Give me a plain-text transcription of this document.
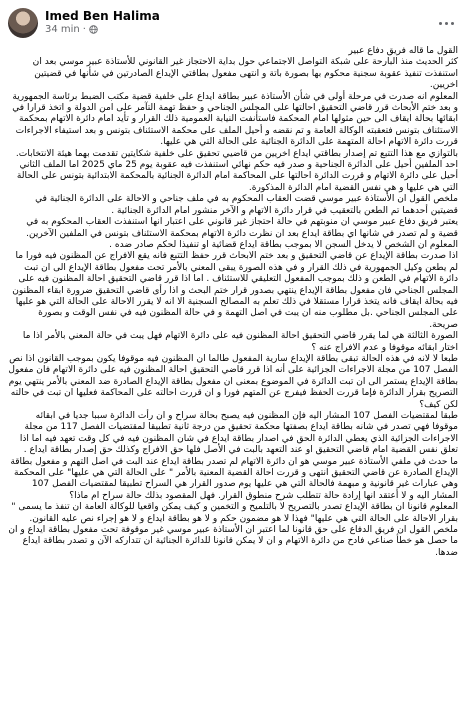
Imed Ben Halima
34 min ·

القول ما قاله فريق دفاع عبير

كثر الحديث منذ البارحة على شبكة التواصل الاجتماعي حول بداية الاحتجاز غير القانوني للأستاذة عبير موسي بعد ان استنفذت تنفيذ عقوبة سجنية محكوم بها بصورة باتة و انتهى مفعول بطاقتي الإيداع الصادرتين في شأنها في قضيتين اخريين.

المعلوم انه صدرت في مرحلة أولى في شأن الأستاذة عبير بطاقة ايداع على خلفية قضية مكتب الضبط برئاسة الجمهورية و بعد ختم الأبحاث قرر قاضي التحقيق احالتها على المجلس الجناحي و حفظ تهمة التآمر على امن الدولة و اتخذ قرارا في ابقائها بحالة ايقاف الى حين مثولها امام المحكمة فاستأنفت النيابة العمومية ذلك القرار و تأيد امام دائرة الاتهام بمحكمة الاستئناف بتونس فتعقبته الوكالة العامة و تم نقضه و أحيل الملف على محكمة الاستئناف بتونس و بعد استيفاء الاجراءات قررت دائرة الاتهام احالة المتهمة على الدائرة الجنائية على الحالة التي هي عليها.

بالتوازي مع هذا التتبع تم إصدار بطاقتي ايداع اخريين من قاضيي تحقيق على خلفية شكايتين تقدمت بهما هيئة الانتخابات.

احد الملفين أحيل على الدائرة الجناحية و صدر فيه حكم نهائي استنفذت فيه عقوبة يوم 25 ماي 2025 اما الملف الثاني أحيل على دائرة الاتهام و قررت الدائرة احالتها على المحاكمة امام الدائرة الجنائية بالمحكمة الابتدائية بتونس على الحالة التي هي عليها و هي نفس القضية امام الدائرة المذكورة.

ملخص القول ان الأستاذة عبير موسي قضت العقاب المحكوم به في ملف جناحي و الاحالة على الدائرة الجنائية في قضيتين أحدهما تم الطعن بالتعقيب في قرار دائرة الاتهام و الآخر منشور امام الدائرة الجنائية .

يعتبر فريق دفاع عبير موسي ان منوبتهم في حالة احتجاز غير قانوني على اعتبار انها استنفذت العقاب المحكوم به في قضية و لم تصدر في شانها اي بطاقة ايداع بعد ان نظرت دائرة الاتهام بمحكمة الاستئناف بتونس في الملفين الآخرين.

المعلوم ان الشخص لا يدخل السجن الا بموجب بطاقة ايداع قضائية او تنفيذا لحكم صادر ضده .

اذا صدرت بطاقة الإيداع عن قاضي التحقيق و بعد ختم الابحاث قرر حفظ التتبع فانه يقع الافراج عن المظنون فيه فورا ما لم يطعن وكيل الجمهورية في ذلك القرار و في هذه الصورة يبقى المعني بالأمر تحت مفعول بطاقة الإيداع الى ان تبت دائرة الاتهام في الطعن و ذلك بموجب المفعول التعليقي للاستئناف . اما اذا قرر قاضي التحقيق احالة المظنون فيه على المجلس الجناحي فان مفعول بطاقة الإيداع ينتهي بصدور قرار ختم البحث و اذا رأى قاضي التحقيق ضرورة ابقاء المظنون فيه بحالة ايقاف فانه يتخذ قرارا مستقلا في ذلك تعلم به المصالح السجنية الا انه لا يقرر الاحالة على الحالة التي هو عليها على المجلس الجناحي .بل مطلوب منه ان يبت في اصل التهمة و في حالة المظنون فيه في نفس الوقت و بصورة صريحة.

الصورة الثالثة هي لما يقرر قاضي التحقيق احالة المظنون فيه على دائرة الاتهام فهل يبت في حالة المعني بالأمر اذا ما اختار ابقائه موقوفا و عدم الافراج عنه ؟

طبعا لا لانه في هذه الحالة تبقى بطاقة الإيداع سارية المفعول طالما ان المظنون فيه موقوفا يكون بموجب القانون اذا نص الفصل 107 من مجلة الاجراءات الجزائية على أنه اذا قرر قاضي التحقيق احالة المظنون فيه على دائرة الاتهام فان مفعول بطاقة الإيداع يستمر الى ان تبت الدائرة في الموضوع بمعنى ان مفعول بطاقة الإيداع الصادرة ضد المعني بالأمر ينتهي يوم التصريح بقرار الدائرة فإما قررت الحفظ فيفرج عن المتهم فورا و ان قررت احالته على المحاكمة فعليها ان تبت في حالته لكن كيف؟

طبقا لمقتضيات الفصل 107 المشار اليه فإن المظنون فيه يصبح بحالة سراح و ان رأت الدائرة سببا جديا في ابقائه موقوفا فهي تصدر في شانه بطاقة ايداع بصفتها محكمة تحقيق من درجة ثانية تطبيقا لمقتضيات الفصل 117 من مجلة الاجراءات الجزائية الذي يعطي الدائرة الحق في اصدار بطاقة ايداع في شان المظنون فيه في كل وقت تعهد فيه اما اذا تعلق نفس القضية امام قاضي التحقيق او عند التعهد بالبت في الأصل فلها حق الافراج وكذلك حق إصدار بطاقة ايداع .

ما حدث في ملفي الأستاذة عبير موسي هو ان دائرة الاتهام لم تصدر بطاقة ايداع عند البت في اصل التهم و مفعول بطاقة الإيداع الصادرة عن قاضي التحقيق انتهى و قررت احالة القضية المعنية بالأمر " على الحالة التي هي عليها" على المحكمة وهي عبارات غير قانونية و مبهمة فالحالة التي هي عليها يوم صدور القرار هي السراح تطبيقا لمقتضيات الفصل 107 المشار اليه و لا أعتقد انها إرادة حالة تتطلب شرح منطوق القرار. فهل المقصود بذلك حالة سراح ام ماذا؟

المعلوم قانونا ان بطاقة الإيداع تصدر بالتصريح لا بالتلميح و التخمين و كيف يمكن واقعيا للوكالة العامة ان تنفذ ما يسمى " بقرار الاحالة على الحالة التي هي عليها" فهذا لا هو مضمون حكم و لا هو بطاقة ايداع و لا هو إجراء نص عليه القانون.

ملخص القول ان فريق الدفاع على حق قانونا لما اعتبر ان الأستاذة عبير موسي غير موقوفة تحت مفعول بطاقة ايداع و ان ما حصل هو خطأ صناعي فادح من دائرة الاتهام و ان لا يمكن قانونا للدائرة الجنائية ان تتداركه الآن و تصدر بطاقة ايداع ضدها.
